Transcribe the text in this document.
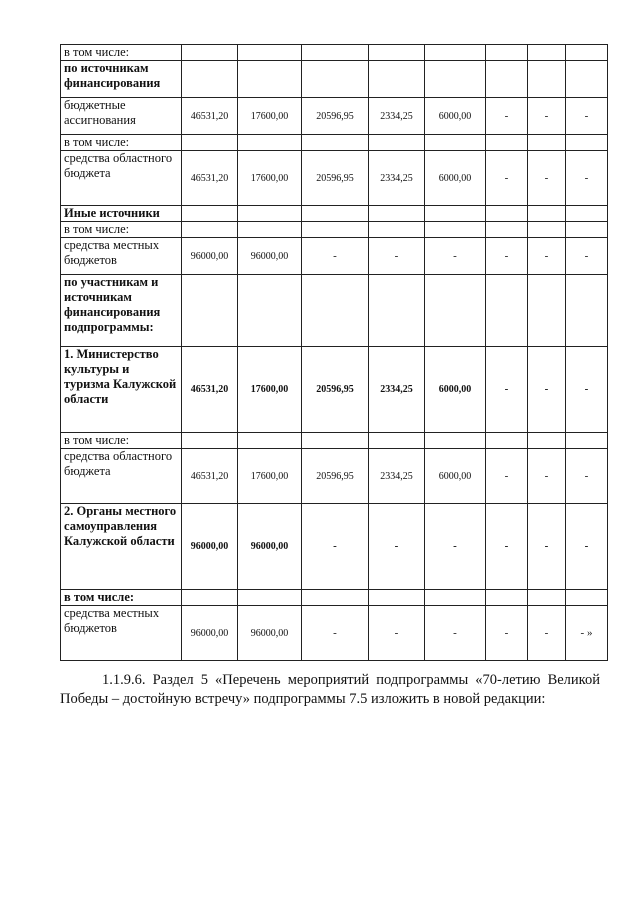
в том числе:								
по источникам финансирования								
бюджетные ассигнования	46531,20	17600,00	20596,95	2334,25	6000,00	-	-	-
в том числе:								
средства областного бюджета	46531,20	17600,00	20596,95	2334,25	6000,00	-	-	-
Иные источники								
в том числе:								
средства местных бюджетов	96000,00	96000,00	-	-	-	-	-	-
по участникам и источникам финансирования подпрограммы:								
1. Министерство культуры и туризма Калужской области	46531,20	17600,00	20596,95	2334,25	6000,00	-	-	-
в том числе:								
средства областного бюджета	46531,20	17600,00	20596,95	2334,25	6000,00	-	-	-
2. Органы местного самоуправления Калужской области	96000,00	96000,00	-	-	-	-	-	-
в том числе:								
средства местных бюджетов	96000,00	96000,00	-	-	-	-	-	- »
1.1.9.6. Раздел 5 «Перечень мероприятий подпрограммы «70-летию Великой
Победы – достойную встречу» подпрограммы 7.5 изложить в новой редакции:
